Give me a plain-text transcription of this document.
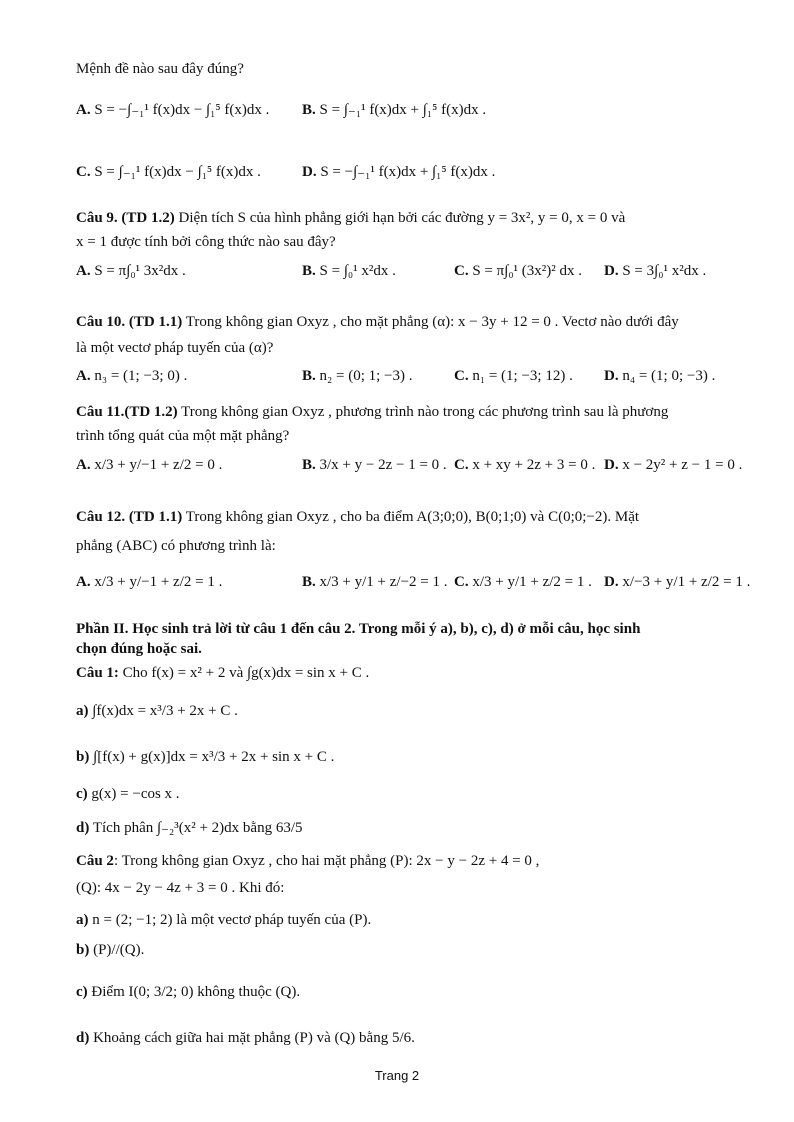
Mệnh đề nào sau đây đúng?
A. S = −∫₋₁¹ f(x)dx − ∫₁⁵ f(x)dx . B. S = ∫₋₁¹ f(x)dx + ∫₁⁵ f(x)dx .
C. S = ∫₋₁¹ f(x)dx − ∫₁⁵ f(x)dx .	D. S = −∫₋₁¹ f(x)dx + ∫₁⁵ f(x)dx .
Câu 9. (TD 1.2) Diện tích S của hình phẳng giới hạn bởi các đường y = 3x², y = 0, x = 0 và
x = 1 được tính bởi công thức nào sau đây?
A. S = π∫₀¹ 3x²dx .	B. S = ∫₀¹ x²dx .	C. S = π∫₀¹ (3x²)² dx . D. S = 3∫₀¹ x²dx .
Câu 10. (TD 1.1) Trong không gian Oxyz , cho mặt phẳng (α): x − 3y + 12 = 0 . Vectơ nào dưới đây
là một vectơ pháp tuyến của (α)?
A. n₃ = (1; −3; 0) .	B. n₂ = (0; 1; −3) .	C. n₁ = (1; −3; 12) . D. n₄ = (1; 0; −3) .
Câu 11.(TD 1.2) Trong không gian Oxyz , phương trình nào trong các phương trình sau là phương
trình tổng quát của một mặt phẳng?
A. x/3 + y/−1 + z/2 = 0 .	B. 3/x + y − 2z − 1 = 0 . C. x + xy + 2z + 3 = 0 . D. x − 2y² + z − 1 = 0 .
Câu 12. (TD 1.1) Trong không gian Oxyz , cho ba điểm A(3;0;0), B(0;1;0) và C(0;0;−2). Mặt
phẳng (ABC) có phương trình là:
A. x/3 + y/−1 + z/2 = 1 .	B. x/3 + y/1 + z/−2 = 1 . C. x/3 + y/1 + z/2 = 1 . D. x/−3 + y/1 + z/2 = 1 .
Phần II. Học sinh trả lời từ câu 1 đến câu 2. Trong mỗi ý a), b), c), d) ở mỗi câu, học sinh
chọn đúng hoặc sai.
Câu 1: Cho f(x) = x² + 2 và ∫g(x)dx = sin x + C .
a) ∫f(x)dx = x³/3 + 2x + C .
b) ∫[f(x) + g(x)]dx = x³/3 + 2x + sin x + C .
c) g(x) = −cos x .
d) Tích phân ∫₋₂³(x² + 2)dx bằng 63/5
Câu 2: Trong không gian Oxyz , cho hai mặt phẳng (P): 2x − y − 2z + 4 = 0 ,
(Q): 4x − 2y − 4z + 3 = 0 . Khi đó:
a) n = (2; −1; 2) là một vectơ pháp tuyến của (P).
b) (P)//(Q).
c) Điểm I(0; 3/2; 0) không thuộc (Q).
d) Khoảng cách giữa hai mặt phẳng (P) và (Q) bằng 5/6.
Trang 2
